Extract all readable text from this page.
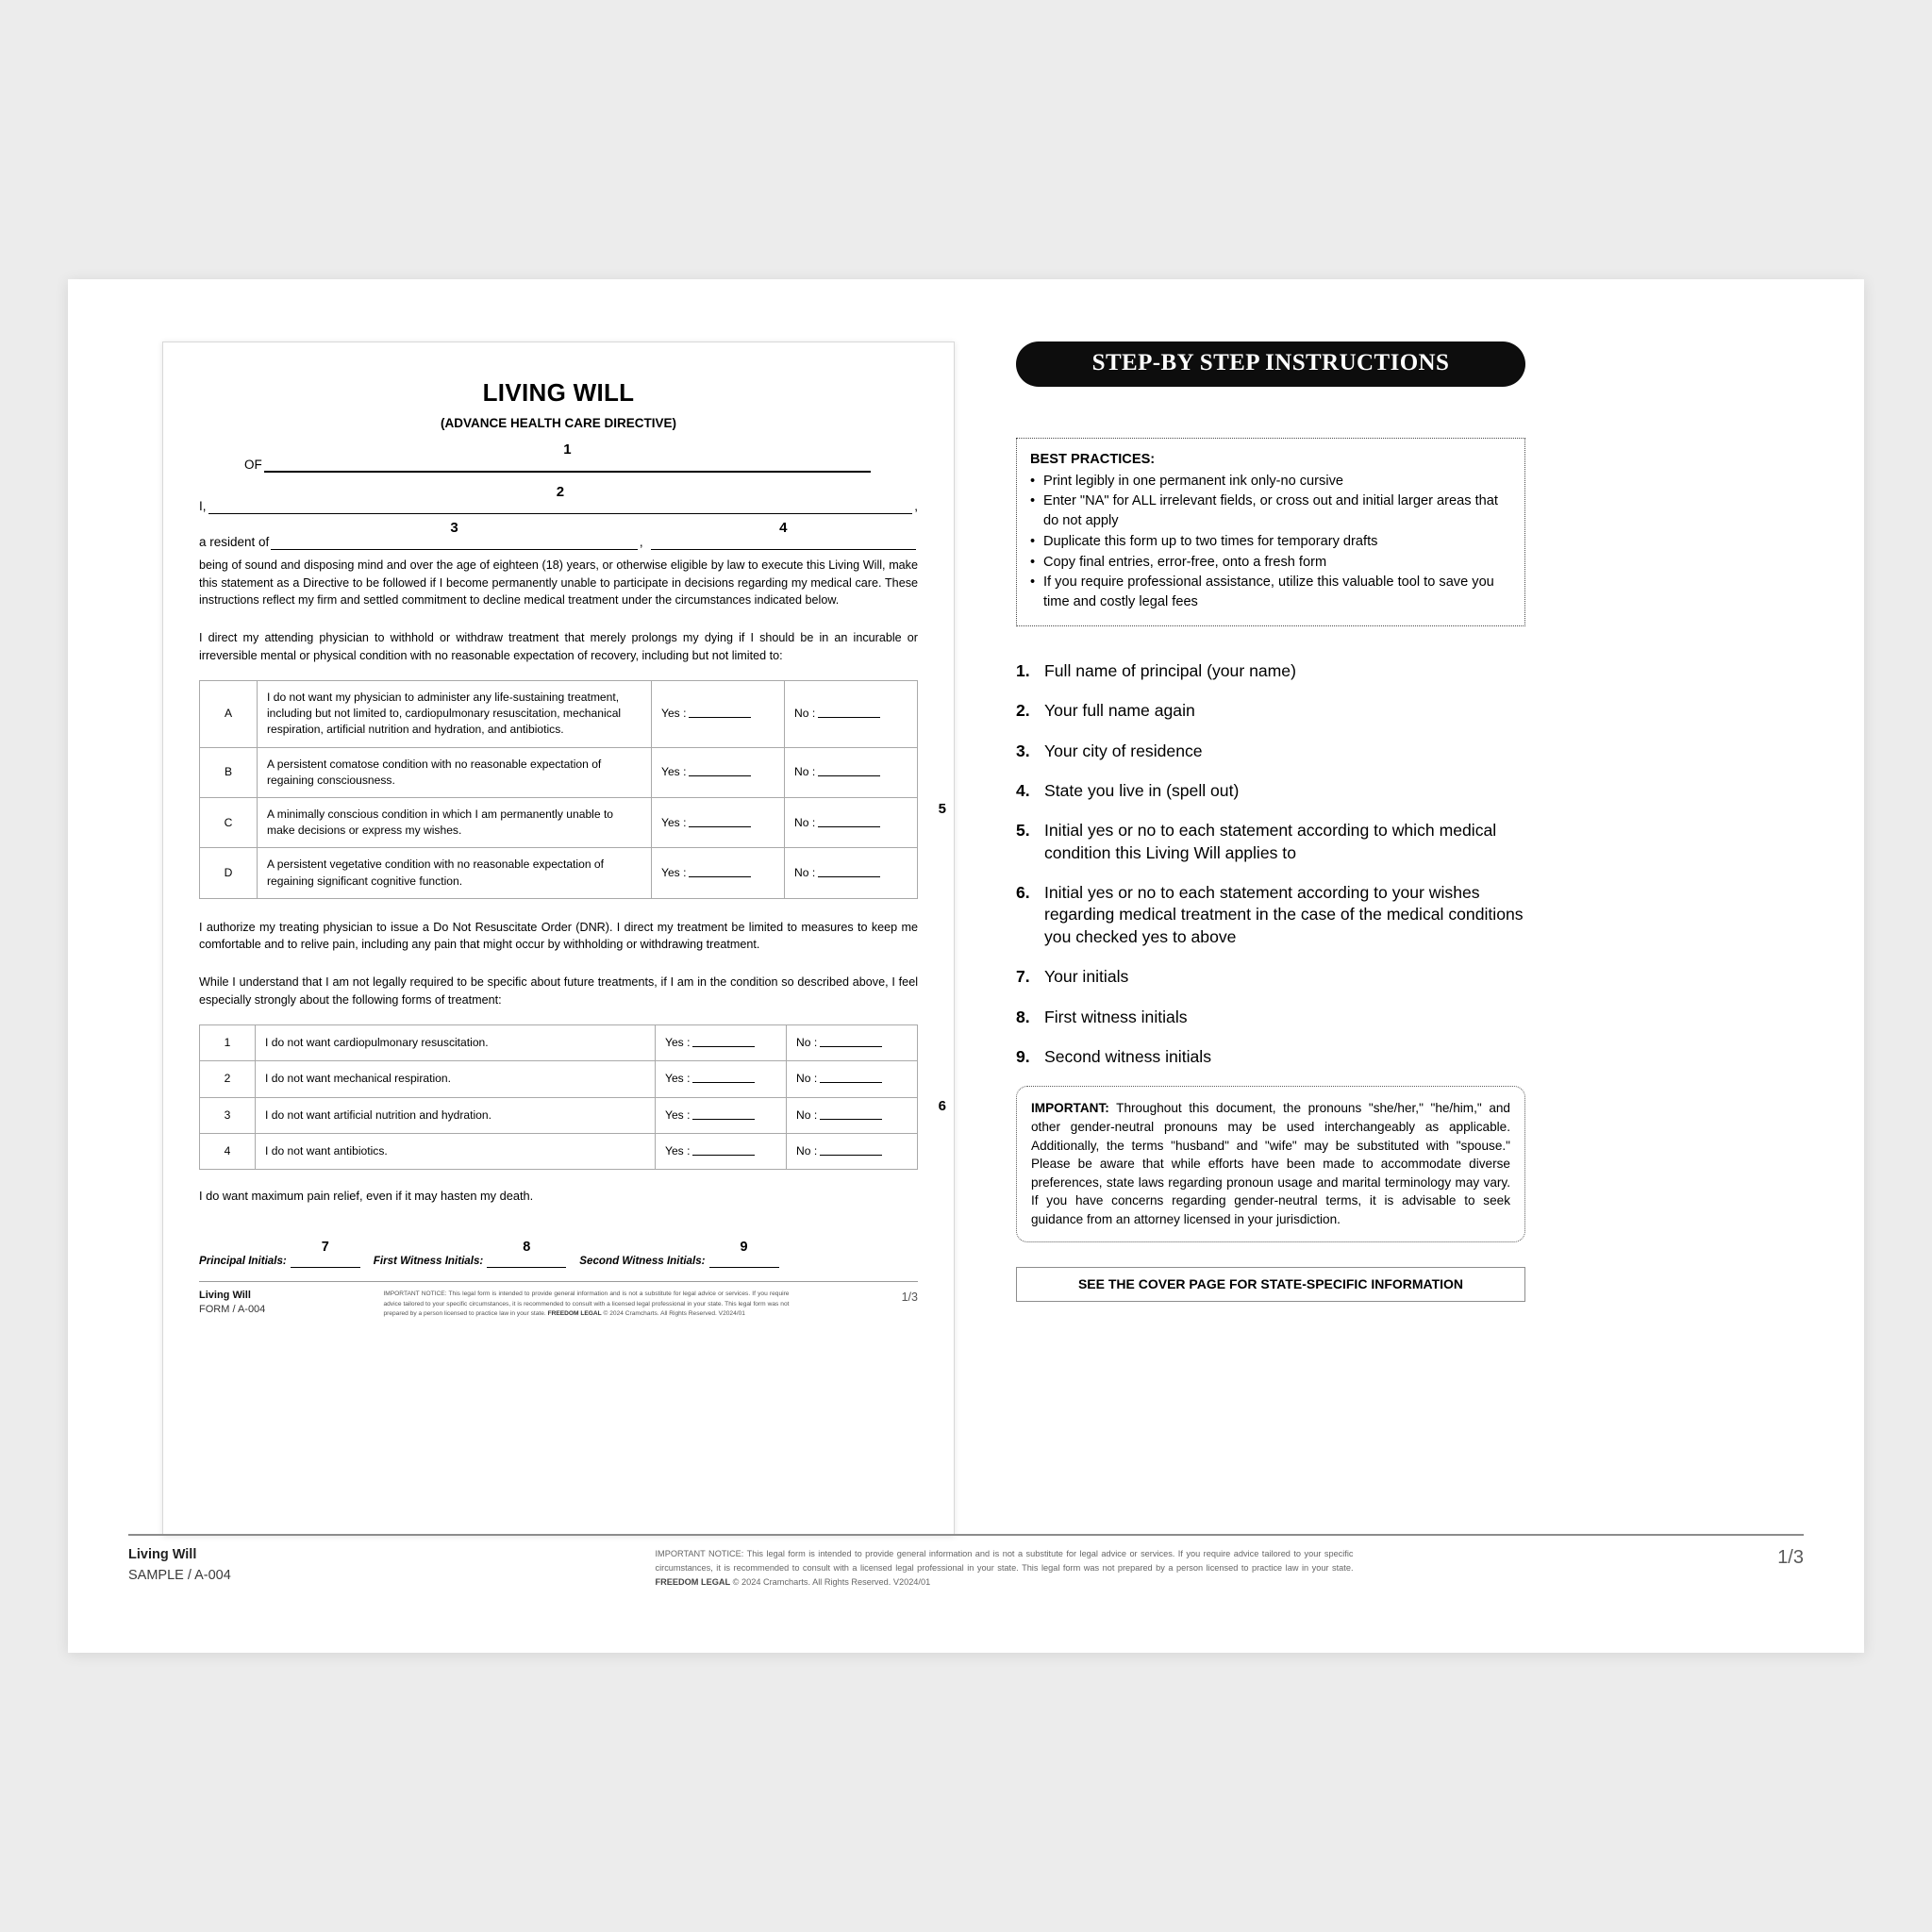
LIVING WILL
(ADVANCE HEALTH CARE DIRECTIVE)
OF
1
I,
2
,
a resident of
3
,
4
being of sound and disposing mind and over the age of eighteen (18) years, or otherwise eligible by law to execute this Living Will, make this statement as a Directive to be followed if I become permanently unable to participate in decisions regarding my medical care. These instructions reflect my firm and settled commitment to decline medical treatment under the circumstances indicated below.
I direct my attending physician to withhold or withdraw treatment that merely prolongs my dying if I should be in an incurable or irreversible mental or physical condition with no reasonable expectation of recovery, including but not limited to:
A	I do not want my physician to administer any life-sustaining treatment, including but not limited to, cardiopulmonary resuscitation, mechanical respiration, artificial nutrition and hydration, and antibiotics.	Yes :	No :
B	A persistent comatose condition with no reasonable expectation of regaining consciousness.	Yes :	No :
C	A minimally conscious condition in which I am permanently unable to make decisions or express my wishes.	Yes :	No :
D	A persistent vegetative condition with no reasonable expectation of regaining significant cognitive function.	Yes :	No :
5
I authorize my treating physician to issue a Do Not Resuscitate Order (DNR). I direct my treatment be limited to measures to keep me comfortable and to relive pain, including any pain that might occur by withholding or withdrawing treatment.
While I understand that I am not legally required to be specific about future treatments, if I am in the condition so described above, I feel especially strongly about the following forms of treatment:
1	I do not want cardiopulmonary resuscitation.	Yes :	No :
2	I do not want mechanical respiration.	Yes :	No :
3	I do not want artificial nutrition and hydration.	Yes :	No :
4	I do not want antibiotics.	Yes :	No :
6
I do want maximum pain relief, even if it may hasten my death.
Principal Initials:
7
First Witness Initials:
8
Second Witness Initials:
9
Living Will
FORM / A-004
IMPORTANT NOTICE: This legal form is intended to provide general information and is not a substitute for legal advice or services. If you require advice tailored to your specific circumstances, it is recommended to consult with a licensed legal professional in your state. This legal form was not prepared by a person licensed to practice law in your state. FREEDOM LEGAL © 2024 Cramcharts. All Rights Reserved. V2024/01
1/3
STEP-BY STEP INSTRUCTIONS
BEST PRACTICES:
• Print legibly in one permanent ink only-no cursive
• Enter "NA" for ALL irrelevant fields, or cross out and initial larger areas that do not apply
• Duplicate this form up to two times for temporary drafts
• Copy final entries, error-free, onto a fresh form
• If you require professional assistance, utilize this valuable tool to save you time and costly legal fees
1. Full name of principal (your name)
2. Your full name again
3. Your city of residence
4. State you live in (spell out)
5. Initial yes or no to each statement according to which medical condition this Living Will applies to
6. Initial yes or no to each statement according to your wishes regarding medical treatment in the case of the medical conditions you checked yes to above
7. Your initials
8. First witness initials
9. Second witness initials
IMPORTANT: Throughout this document, the pronouns "she/her," "he/him," and other gender-neutral pronouns may be used interchangeably as applicable. Additionally, the terms "husband" and "wife" may be substituted with "spouse." Please be aware that while efforts have been made to accommodate diverse preferences, state laws regarding pronoun usage and marital terminology may vary. If you have concerns regarding gender-neutral terms, it is advisable to seek guidance from an attorney licensed in your jurisdiction.
SEE THE COVER PAGE FOR STATE-SPECIFIC INFORMATION
Living Will
SAMPLE / A-004
IMPORTANT NOTICE: This legal form is intended to provide general information and is not a substitute for legal advice or services. If you require advice tailored to your specific circumstances, it is recommended to consult with a licensed legal professional in your state. This legal form was not prepared by a person licensed to practice law in your state. FREEDOM LEGAL © 2024 Cramcharts. All Rights Reserved. V2024/01
1/3
